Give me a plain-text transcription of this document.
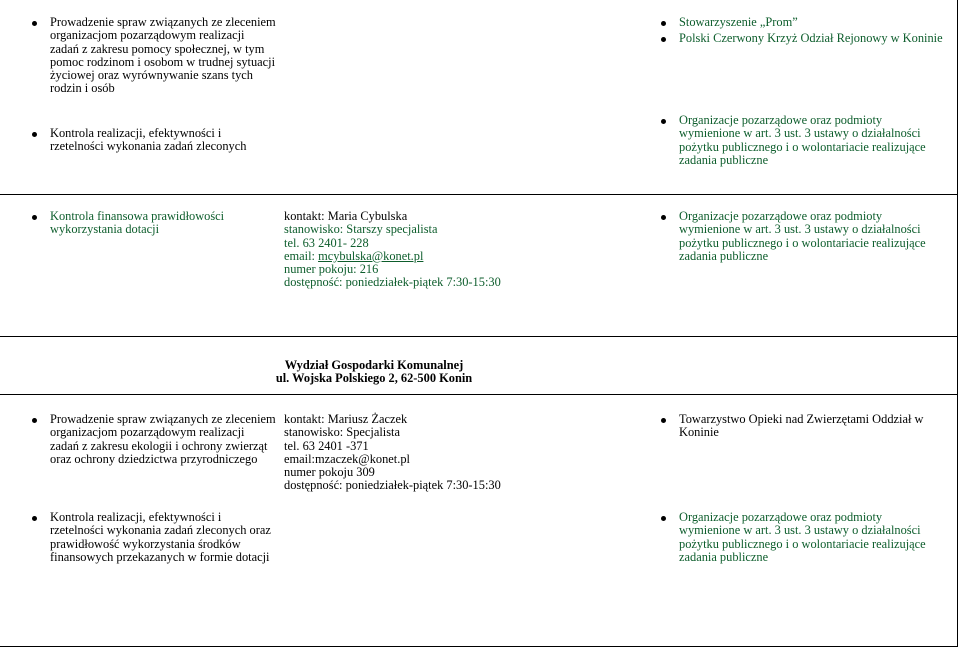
Prowadzenie spraw związanych ze zleceniem
organizacjom pozarządowym realizacji
zadań z zakresu pomocy społecznej, w tym
pomoc rodzinom i osobom w trudnej sytuacji
życiowej oraz wyrównywanie szans tych
rodzin i osób
Kontrola realizacji, efektywności i
rzetelności wykonania zadań zleconych
Stowarzyszenie „Prom”
Polski Czerwony Krzyż Odział Rejonowy w Koninie
Organizacje pozarządowe oraz podmioty
wymienione w art. 3 ust. 3 ustawy o działalności
pożytku publicznego i o wolontariacie realizujące
zadania publiczne
Kontrola finansowa prawidłowości
wykorzystania dotacji
kontakt: Maria Cybulska
stanowisko: Starszy specjalista
tel. 63 2401- 228
email: mcybulska@konet.pl
numer pokoju: 216
dostępność: poniedziałek-piątek 7:30-15:30
Organizacje pozarządowe oraz podmioty
wymienione w art. 3 ust. 3 ustawy o działalności
pożytku publicznego i o wolontariacie realizujące
zadania publiczne
Wydział Gospodarki Komunalnej
ul. Wojska Polskiego 2, 62-500 Konin
Prowadzenie spraw związanych ze zleceniem
organizacjom pozarządowym realizacji
zadań z zakresu ekologii i ochrony zwierząt
oraz ochrony dziedzictwa przyrodniczego
kontakt: Mariusz Żaczek
stanowisko: Specjalista
tel. 63 2401 -371
email:mzaczek@konet.pl
numer pokoju 309
dostępność: poniedziałek-piątek 7:30-15:30
Towarzystwo Opieki nad Zwierzętami Oddział w
Koninie
Kontrola realizacji, efektywności i
rzetelności wykonania zadań zleconych oraz
prawidłowość wykorzystania środków
finansowych przekazanych w formie dotacji
Organizacje pozarządowe oraz podmioty
wymienione w art. 3 ust. 3 ustawy o działalności
pożytku publicznego i o wolontariacie realizujące
zadania publiczne
